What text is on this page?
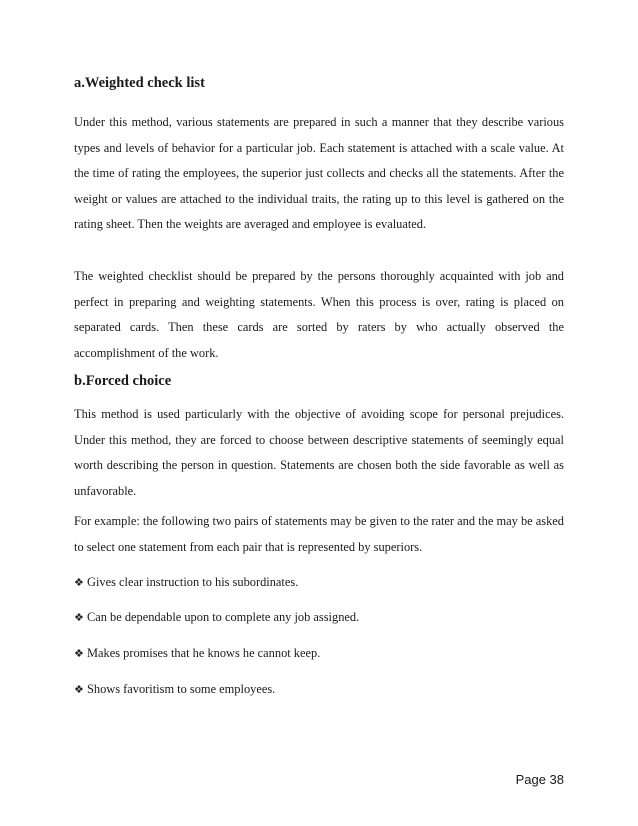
a.Weighted check list

Under this method, various statements are prepared in such a manner that they describe various types and levels of behavior for a particular job. Each statement is attached with a scale value. At the time of rating the employees, the superior just collects and checks all the statements. After the weight or values are attached to the individual traits, the rating up to this level is gathered on the rating sheet. Then the weights are averaged and employee is evaluated.

The weighted checklist should be prepared by the persons thoroughly acquainted with job and perfect in preparing and weighting statements. When this process is over, rating is placed on separated cards. Then these cards are sorted by raters by who actually observed the accomplishment of the work.

b.Forced choice

This method is used particularly with the objective of avoiding scope for personal prejudices. Under this method, they are forced to choose between descriptive statements of seemingly equal worth describing the person in question. Statements are chosen both the side favorable as well as unfavorable.

For example: the following two pairs of statements may be given to the rater and the may be asked to select one statement from each pair that is represented by superiors.

❖ Gives clear instruction to his subordinates.

❖ Can be dependable upon to complete any job assigned.

❖ Makes promises that he knows he cannot keep.

❖ Shows favoritism to some employees.

Page 38
